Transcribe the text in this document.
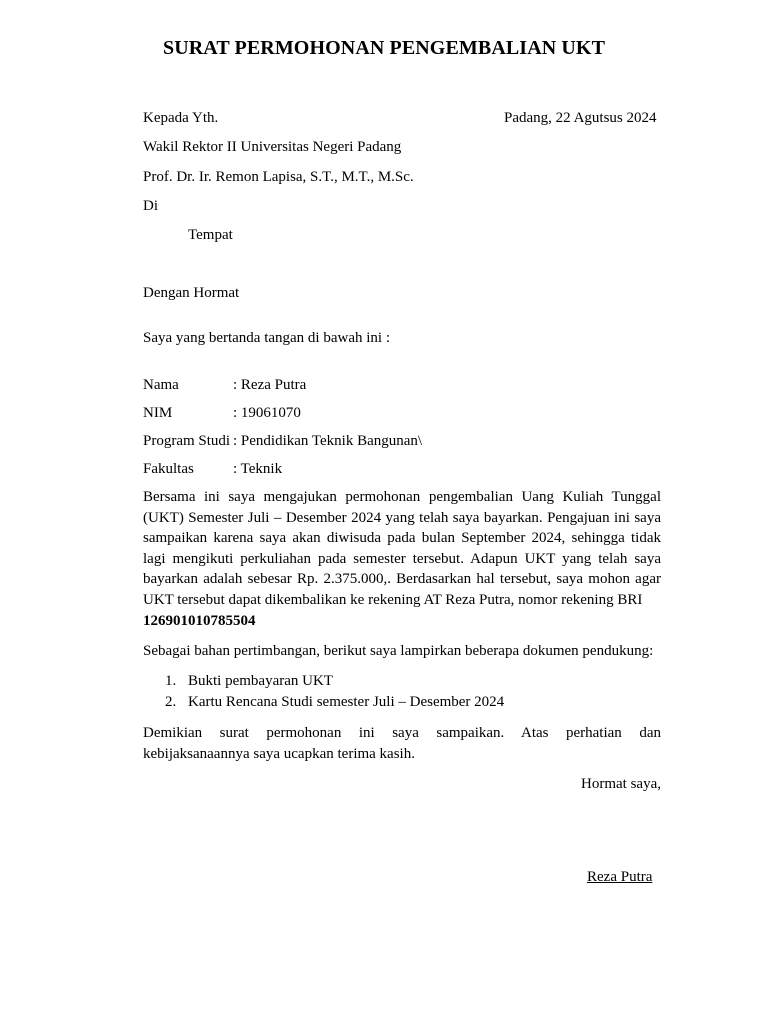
SURAT PERMOHONAN PENGEMBALIAN UKT
Kepada Yth.	Padang, 22 Agutsus 2024
Wakil Rektor II Universitas Negeri Padang
Prof. Dr. Ir. Remon Lapisa, S.T., M.T., M.Sc.
Di
Tempat
Dengan Hormat
Saya yang bertanda tangan di bawah ini :
Nama	: Reza Putra
NIM	: 19061070
Program Studi : Pendidikan Teknik Bangunan\
Fakultas	: Teknik
Bersama ini saya mengajukan permohonan pengembalian Uang Kuliah Tunggal (UKT) Semester Juli – Desember 2024 yang telah saya bayarkan. Pengajuan ini saya sampaikan karena saya akan diwisuda pada bulan September 2024, sehingga tidak lagi mengikuti perkuliahan pada semester tersebut. Adapun UKT yang telah saya bayarkan adalah sebesar Rp. 2.375.000,. Berdasarkan hal tersebut, saya mohon agar UKT tersebut dapat dikembalikan ke rekening AT Reza Putra, nomor rekening BRI
126901010785504
Sebagai bahan pertimbangan, berikut saya lampirkan beberapa dokumen pendukung:
1. Bukti pembayaran UKT
2. Kartu Rencana Studi semester Juli – Desember 2024
Demikian surat permohonan ini saya sampaikan. Atas perhatian dan kebijaksanaannya saya ucapkan terima kasih.
Hormat saya,
Reza Putra
